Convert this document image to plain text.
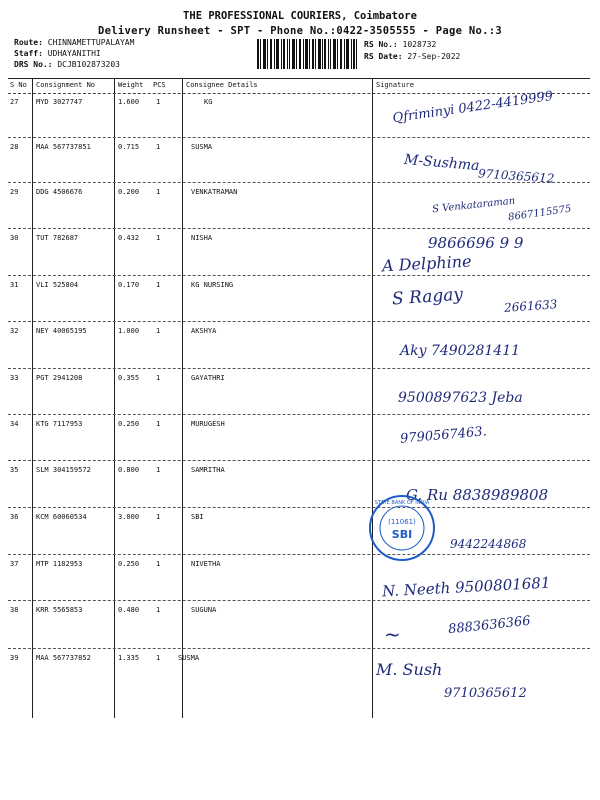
THE PROFESSIONAL COURIERS, Coimbatore
Delivery Runsheet - SPT - Phone No.:0422-3505555 - Page No.:3
Route: CHINNAMETTUPALAYAM
Staff: UDHAYANITHI
DRS No.: DCJB102873203
RS No.: 1028732
RS Date: 27-Sep-2022
S No Consignment No	Weight PCS	Consignee Details	Signature
27	MYD 3027747	1.600 1	KG	Qfriminyi 0422-4419999
28	MAA 567737851	0.715 1	SUSMA
M-Sushma
9710365612
29	DDG 4506676	0.200 1	VENKATRAMAN
S Venkataraman
8667115575
30	TUT 782687	0.432 1	NISHA	9866696 9 9
A Delphine
31	VLI 525804	0.170 1	KG NURSING	S Ragay	2661633
32	NEY 40065195	1.000 1	AKSHYA
Aky 7490281411
33	PGT 2941208	0.355 1	GAYATHRI
9500897623 Jeba
34	KTG 7117953	0.250 1	MURUGESH
9790567463.
35	SLM 304159572	0.800 1	SAMRITHA
G. Ru 8838989808
36	KCM 60060534	3.000 1	SBI
9442244868
37	MTP 1182953	0.250 1	NIVETHA
N. Neeth 9500801681
38	KRR 5565853	0.480 1	SUGUNA
~	8883636366
39	MAA 567737852	1.335 1	SUSMA
M. Sush
9710365612
STATE BANK OF INDIA
(11061)
SBI
